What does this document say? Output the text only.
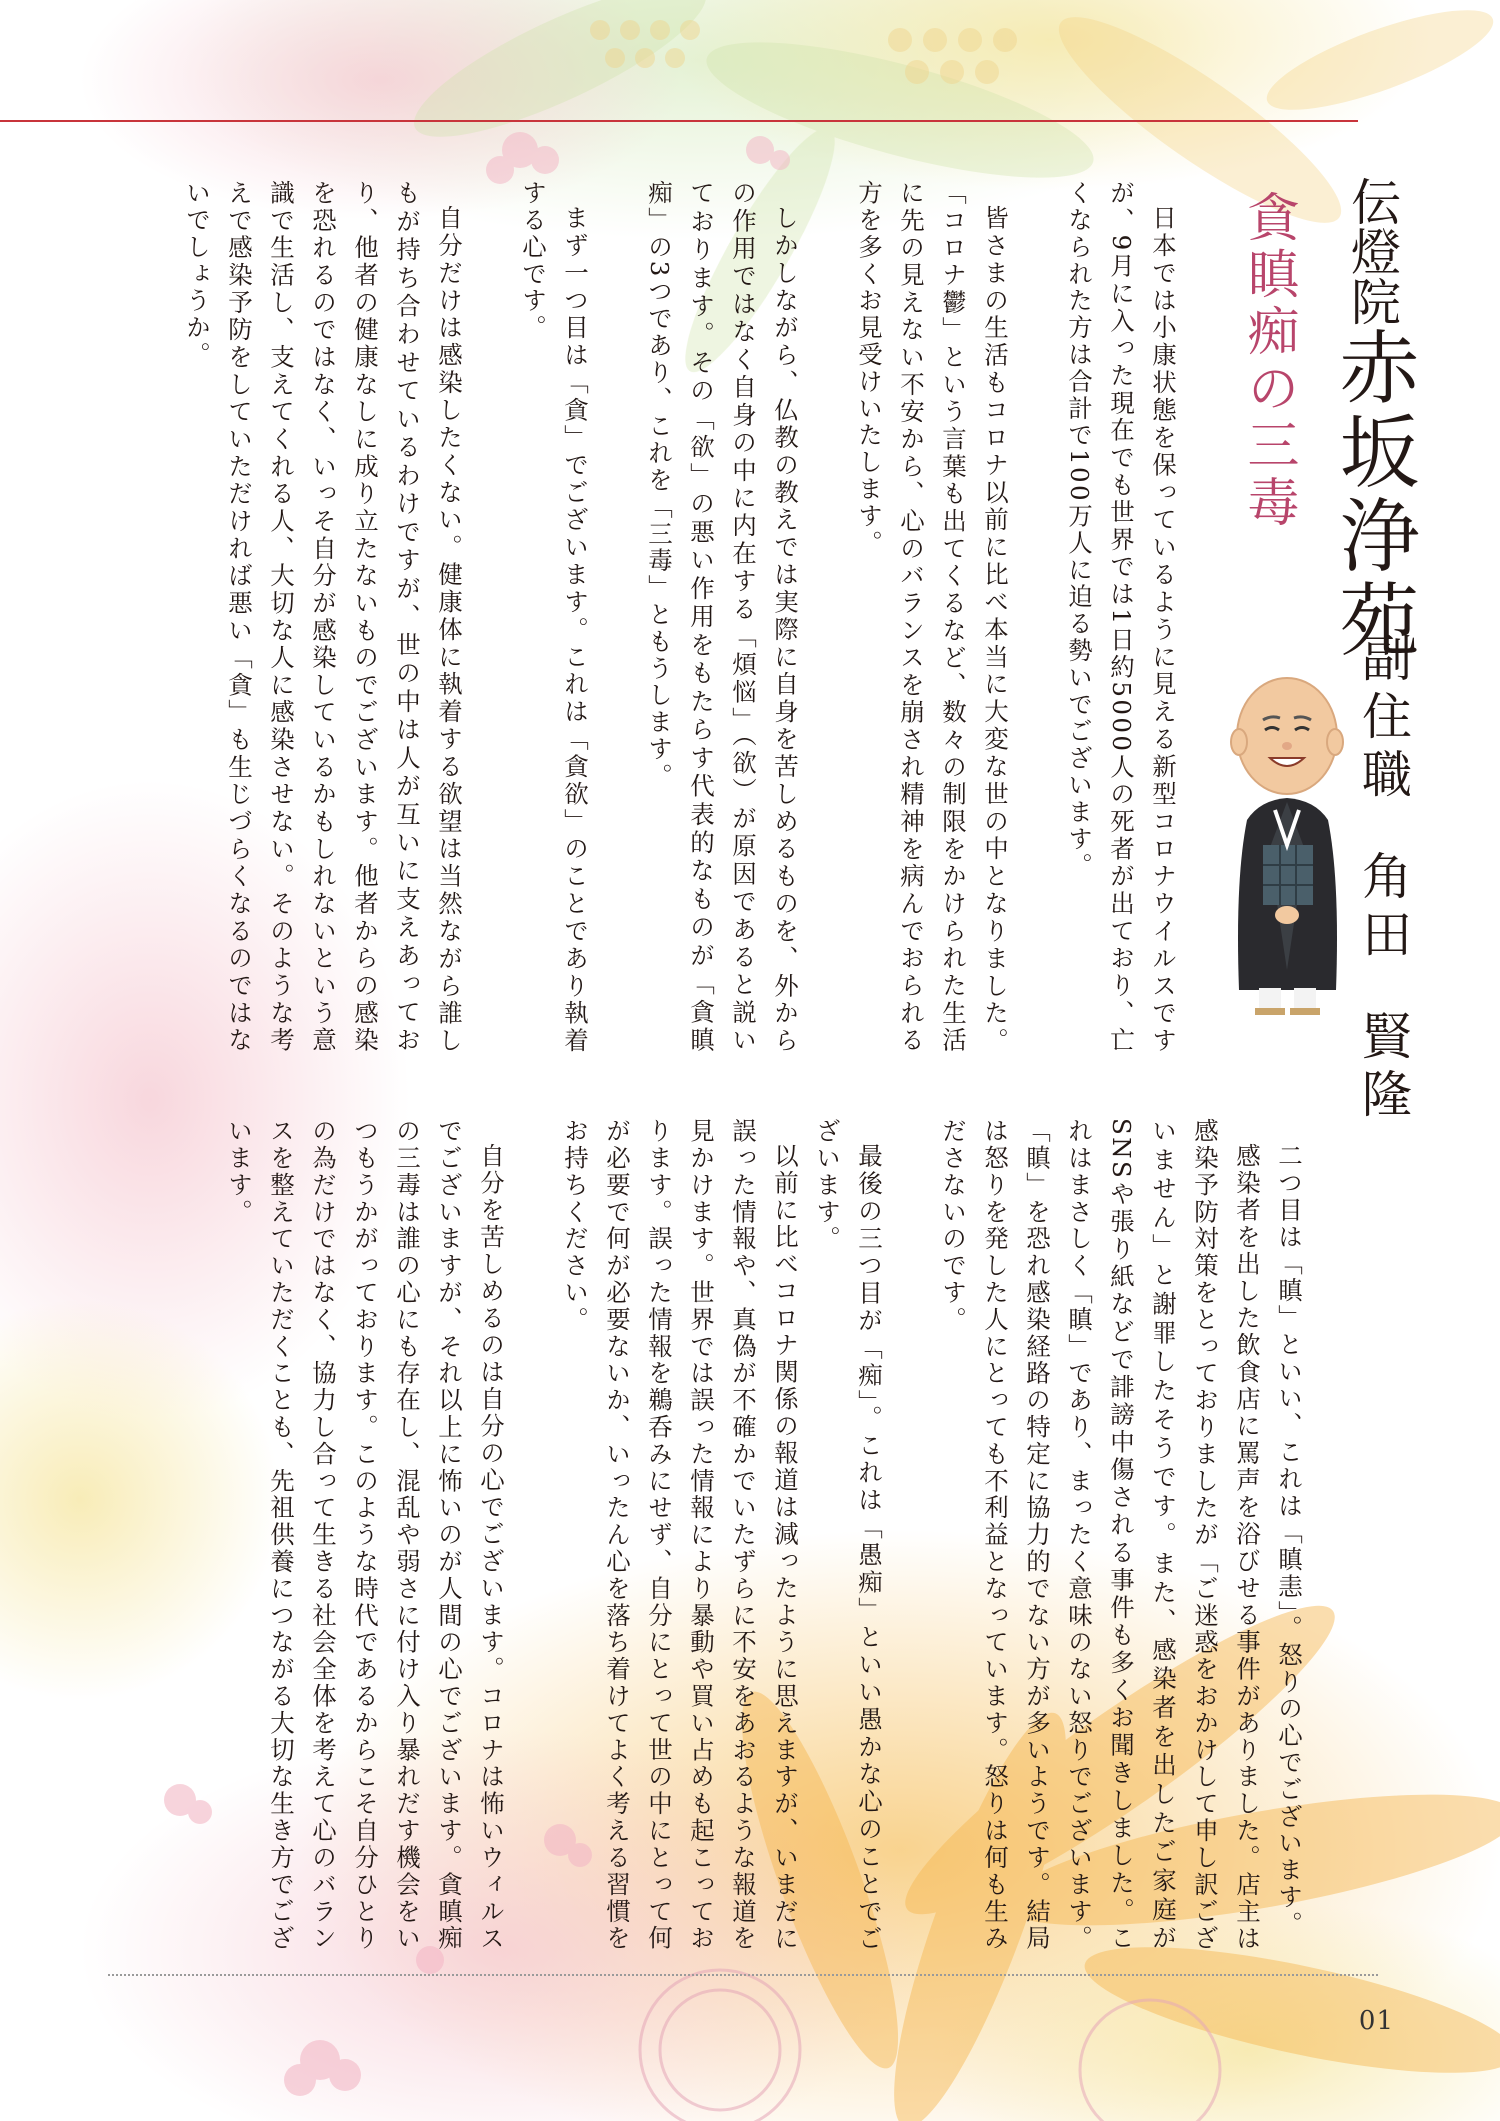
伝燈院赤坂浄苑
貪瞋痴の三毒
副住職角田賢隆

日本では小康状態を保っているように見える新型コロナウイルスですが、9月に入った現在でも世界では1日約5000人の死者が出ており、亡くなられた方は合計で100万人に迫る勢いでございます。

皆さまの生活もコロナ以前に比べ本当に大変な世の中となりました。「コロナ鬱」という言葉も出てくるなど、数々の制限をかけられた生活に先の見えない不安から、心のバランスを崩され精神を病んでおられる方を多くお見受けいたします。

しかしながら、仏教の教えでは実際に自身を苦しめるものを、外からの作用ではなく自身の中に内在する「煩悩」（欲）が原因であると説いております。その「欲」の悪い作用をもたらす代表的なものが「貪瞋痴」の3つであり、これを「三毒」ともうします。

まず一つ目は「貪」でございます。これは「貪欲」のことであり執着する心です。

自分だけは感染したくない。健康体に執着する欲望は当然ながら誰しもが持ち合わせているわけですが、世の中は人が互いに支えあっており、他者の健康なしに成り立たないものでございます。他者からの感染を恐れるのではなく、いっそ自分が感染しているかもしれないという意識で生活し、支えてくれる人、大切な人に感染させない。そのような考えで感染予防をしていただければ悪い「貪」も生じづらくなるのではないでしょうか。

二つ目は「瞋」といい、これは「瞋恚」。怒りの心でございます。

感染者を出した飲食店に罵声を浴びせる事件がありました。店主は感染予防対策をとっておりましたが「ご迷惑をおかけして申し訳ございません」と謝罪したそうです。また、感染者を出したご家庭がSNSや張り紙などで誹謗中傷される事件も多くお聞きしました。これはまさしく「瞋」であり、まったく意味のない怒りでございます。「瞋」を恐れ感染経路の特定に協力的でない方が多いようです。結局は怒りを発した人にとっても不利益となっています。怒りは何も生みださないのです。

最後の三つ目が「痴」。これは「愚痴」といい愚かな心のことでございます。

以前に比べコロナ関係の報道は減ったように思えますが、いまだに誤った情報や、真偽が不確かでいたずらに不安をあおるような報道を見かけます。世界では誤った情報により暴動や買い占めも起こっております。誤った情報を鵜呑みにせず、自分にとって世の中にとって何が必要で何が必要ないか、いったん心を落ち着けてよく考える習慣をお持ちください。

自分を苦しめるのは自分の心でございます。コロナは怖いウィルスでございますが、それ以上に怖いのが人間の心でございます。貪瞋痴の三毒は誰の心にも存在し、混乱や弱さに付け入り暴れだす機会をいつもうかがっております。このような時代であるからこそ自分ひとりの為だけではなく、協力し合って生きる社会全体を考えて心のバランスを整えていただくことも、先祖供養につながる大切な生き方でございます。

01
